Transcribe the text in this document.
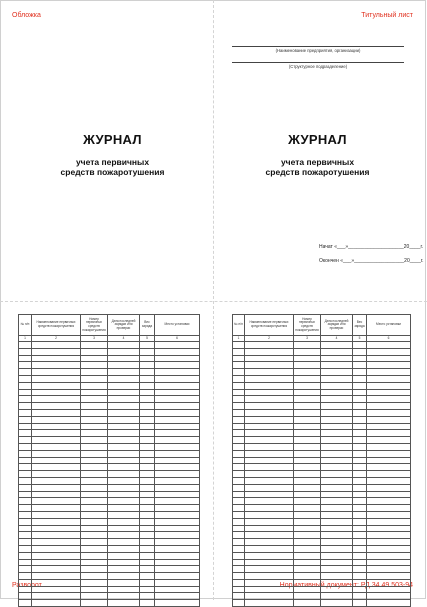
Обложка	Титульный лист
Разворот	Нормативный документ: РД 34.49.503-94
ЖУРНАЛ
учета первичных
средств пожаротушения
(Наименование предприятия, организации)
(Структурное подразделение)
ЖУРНАЛ
учета первичных
средств пожаротушения
Начат «___»____________________20____г.
Окончен «___»__________________20____г.
№ п/п	Наименование первичных средств пожаротушения	Номер первичных средств пожаротушения	Дата последней зарядки или проверки	Вес заряда	Место установки
1	2	3	4	5	6

№ п/п	Наименование первичных средств пожаротушения	Номер первичных средств пожаротушения	Дата последней зарядки или проверки	Вес заряда	Место установки
1	2	3	4	5	6
